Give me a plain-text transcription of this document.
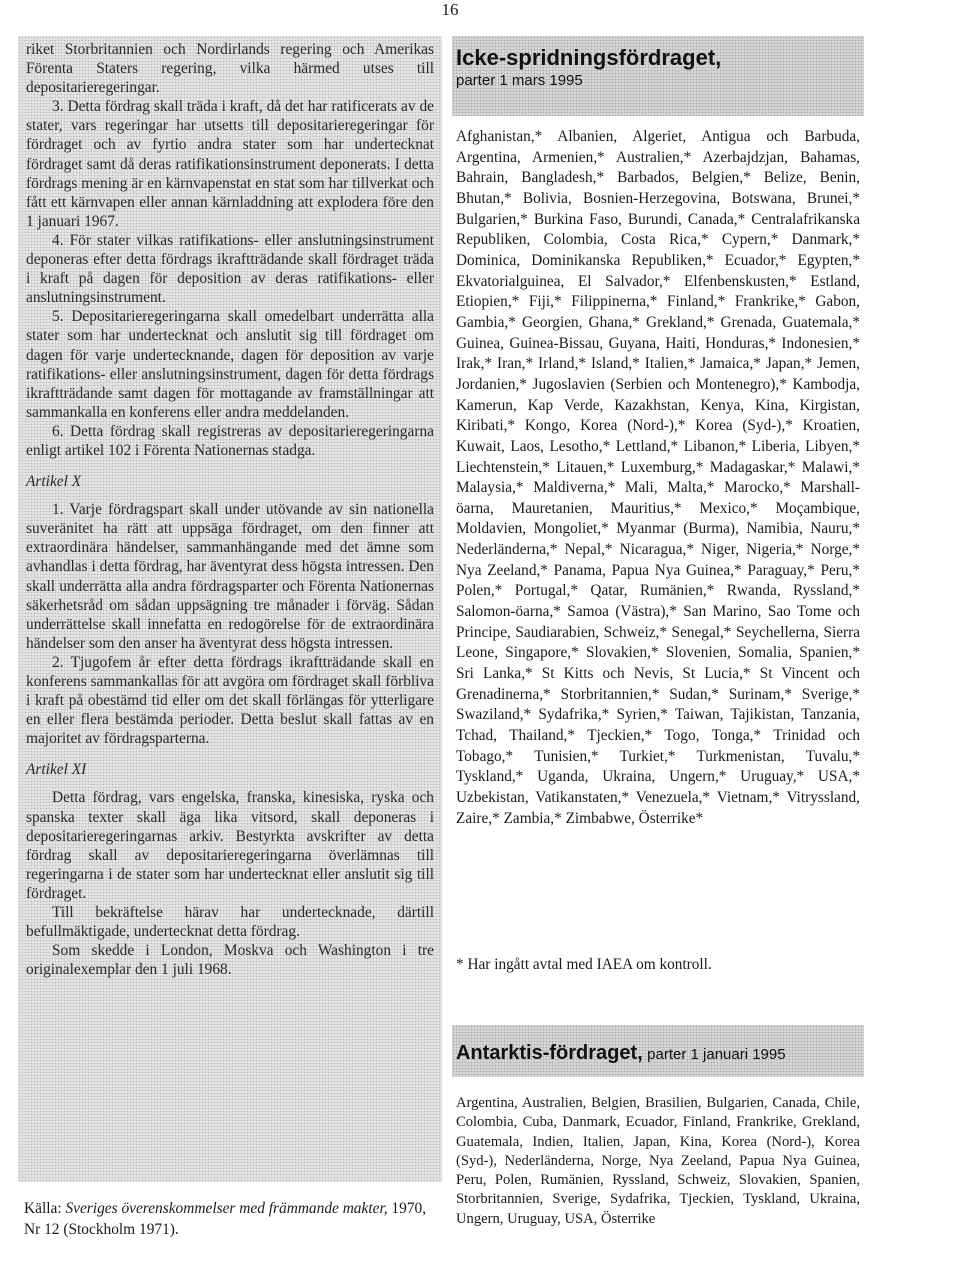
16

riket Storbritannien och Nordirlands regering och Amerikas Förenta Staters regering, vilka härmed utses till depositarieregeringar.

3. Detta fördrag skall träda i kraft, då det har ratificerats av de stater, vars regeringar har utsetts till depositarieregeringar för fördraget och av fyrtio andra stater som har undertecknat fördraget samt då deras ratifikationsinstrument deponerats. I detta fördrags mening är en kärnvapenstat en stat som har tillverkat och fått ett kärnvapen eller annan kärnladdning att explodera före den 1 januari 1967.

4. För stater vilkas ratifikations- eller anslutningsinstrument deponeras efter detta fördrags ikraftträdande skall fördraget träda i kraft på dagen för deposition av deras ratifikations- eller anslutningsinstrument.

5. Depositarieregeringarna skall omedelbart underrätta alla stater som har undertecknat och anslutit sig till fördraget om dagen för varje undertecknande, dagen för deposition av varje ratifikations- eller anslutningsinstrument, dagen för detta fördrags ikraftträdande samt dagen för mottagande av framställningar att sammankalla en konferens eller andra meddelanden.

6. Detta fördrag skall registreras av depositarieregeringarna enligt artikel 102 i Förenta Nationernas stadga.

Artikel X

1. Varje fördragspart skall under utövande av sin nationella suveränitet ha rätt att uppsäga fördraget, om den finner att extraordinära händelser, sammanhängande med det ämne som avhandlas i detta fördrag, har äventyrat dess högsta intressen. Den skall underrätta alla andra fördragsparter och Förenta Nationernas säkerhetsråd om sådan uppsägning tre månader i förväg. Sådan underrättelse skall innefatta en redogörelse för de extraordinära händelser som den anser ha äventyrat dess högsta intressen.

2. Tjugofem år efter detta fördrags ikraftträdande skall en konferens sammankallas för att avgöra om fördraget skall förbliva i kraft på obestämd tid eller om det skall förlängas för ytterligare en eller flera bestämda perioder. Detta beslut skall fattas av en majoritet av fördragsparterna.

Artikel XI

Detta fördrag, vars engelska, franska, kinesiska, ryska och spanska texter skall äga lika vitsord, skall deponeras i depositarieregeringarnas arkiv. Bestyrkta avskrifter av detta fördrag skall av depositarieregeringarna överlämnas till regeringarna i de stater som har undertecknat eller anslutit sig till fördraget.

Till bekräftelse härav har undertecknade, därtill befullmäktigade, undertecknat detta fördrag.

Som skedde i London, Moskva och Washington i tre originalexemplar den 1 juli 1968.

Källa: Sveriges överenskommelser med främmande makter, 1970, Nr 12 (Stockholm 1971).
Icke-spridningsfördraget,
parter 1 mars 1995

Afghanistan,* Albanien, Algeriet, Antigua och Barbuda, Argentina, Armenien,* Australien,* Azerbajdzjan, Bahamas, Bahrain, Bangladesh,* Barbados, Belgien,* Belize, Benin, Bhutan,* Bolivia, Bosnien-Herzegovina, Botswana, Brunei,* Bulgarien,* Burkina Faso, Burundi, Canada,* Centralafrikanska Republiken, Colombia, Costa Rica,* Cypern,* Danmark,* Dominica, Dominikanska Republiken,* Ecuador,* Egypten,* Ekvatorialguinea, El Salvador,* Elfenbenskusten,* Estland, Etiopien,* Fiji,* Filippinerna,* Finland,* Frankrike,* Gabon, Gambia,* Georgien, Ghana,* Grekland,* Grenada, Guatemala,* Guinea, Guinea-Bissau, Guyana, Haiti, Honduras,* Indonesien,* Irak,* Iran,* Irland,* Island,* Italien,* Jamaica,* Japan,* Jemen, Jordanien,* Jugoslavien (Serbien och Montenegro),* Kambodja, Kamerun, Kap Verde, Kazakhstan, Kenya, Kina, Kirgistan, Kiribati,* Kongo, Korea (Nord-),* Korea (Syd-),* Kroatien, Kuwait, Laos, Lesotho,* Lettland,* Libanon,* Liberia, Libyen,* Liechtenstein,* Litauen,* Luxemburg,* Madagaskar,* Malawi,* Malaysia,* Maldiverna,* Mali, Malta,* Marocko,* Marshall-öarna, Mauretanien, Mauritius,* Mexico,* Moçambique, Moldavien, Mongoliet,* Myanmar (Burma), Namibia, Nauru,* Nederländerna,* Nepal,* Nicaragua,* Niger, Nigeria,* Norge,* Nya Zeeland,* Panama, Papua Nya Guinea,* Paraguay,* Peru,* Polen,* Portugal,* Qatar, Rumänien,* Rwanda, Ryssland,* Salomon-öarna,* Samoa (Västra),* San Marino, Sao Tome och Principe, Saudiarabien, Schweiz,* Senegal,* Seychellerna, Sierra Leone, Singapore,* Slovakien,* Slovenien, Somalia, Spanien,* Sri Lanka,* St Kitts och Nevis, St Lucia,* St Vincent och Grenadinerna,* Storbritannien,* Sudan,* Surinam,* Sverige,* Swaziland,* Sydafrika,* Syrien,* Taiwan, Tajikistan, Tanzania, Tchad, Thailand,* Tjeckien,* Togo, Tonga,* Trinidad och Tobago,* Tunisien,* Turkiet,* Turkmenistan, Tuvalu,* Tyskland,* Uganda, Ukraina, Ungern,* Uruguay,* USA,* Uzbekistan, Vatikanstaten,* Venezuela,* Vietnam,* Vitryssland, Zaire,* Zambia,* Zimbabwe, Österrike*

* Har ingått avtal med IAEA om kontroll.
Antarktis-fördraget, parter 1 januari 1995

Argentina, Australien, Belgien, Brasilien, Bulgarien, Canada, Chile, Colombia, Cuba, Danmark, Ecuador, Finland, Frankrike, Grekland, Guatemala, Indien, Italien, Japan, Kina, Korea (Nord-), Korea (Syd-), Nederländerna, Norge, Nya Zeeland, Papua Nya Guinea, Peru, Polen, Rumänien, Ryssland, Schweiz, Slovakien, Spanien, Storbritannien, Sverige, Sydafrika, Tjeckien, Tyskland, Ukraina, Ungern, Uruguay, USA, Österrike
